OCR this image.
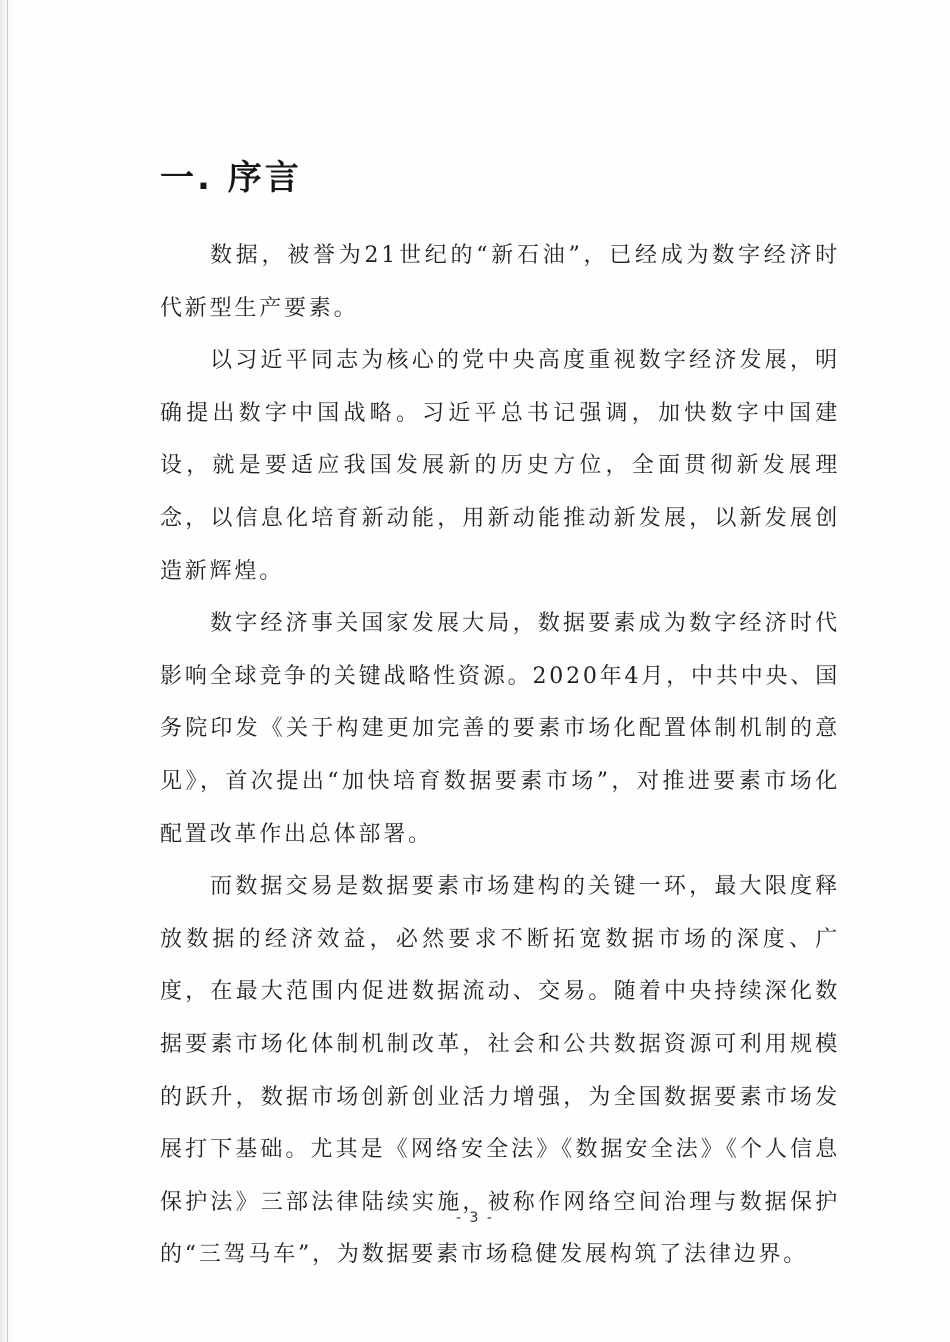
一. 序言

数据，被誉为21世纪的“新石油”，已经成为数字经济时代新型生产要素。

以习近平同志为核心的党中央高度重视数字经济发展，明确提出数字中国战略。习近平总书记强调，加快数字中国建设，就是要适应我国发展新的历史方位，全面贯彻新发展理念，以信息化培育新动能，用新动能推动新发展，以新发展创造新辉煌。

数字经济事关国家发展大局，数据要素成为数字经济时代影响全球竞争的关键战略性资源。2020年4月，中共中央、国务院印发《关于构建更加完善的要素市场化配置体制机制的意见》，首次提出“加快培育数据要素市场”，对推进要素市场化配置改革作出总体部署。

而数据交易是数据要素市场建构的关键一环，最大限度释放数据的经济效益，必然要求不断拓宽数据市场的深度、广度，在最大范围内促进数据流动、交易。随着中央持续深化数据要素市场化体制机制改革，社会和公共数据资源可利用规模的跃升，数据市场创新创业活力增强，为全国数据要素市场发展打下基础。尤其是《网络安全法》《数据安全法》《个人信息保护法》三部法律陆续实施，被称作网络空间治理与数据保护的“三驾马车”，为数据要素市场稳健发展构筑了法律边界。

- 3 -
